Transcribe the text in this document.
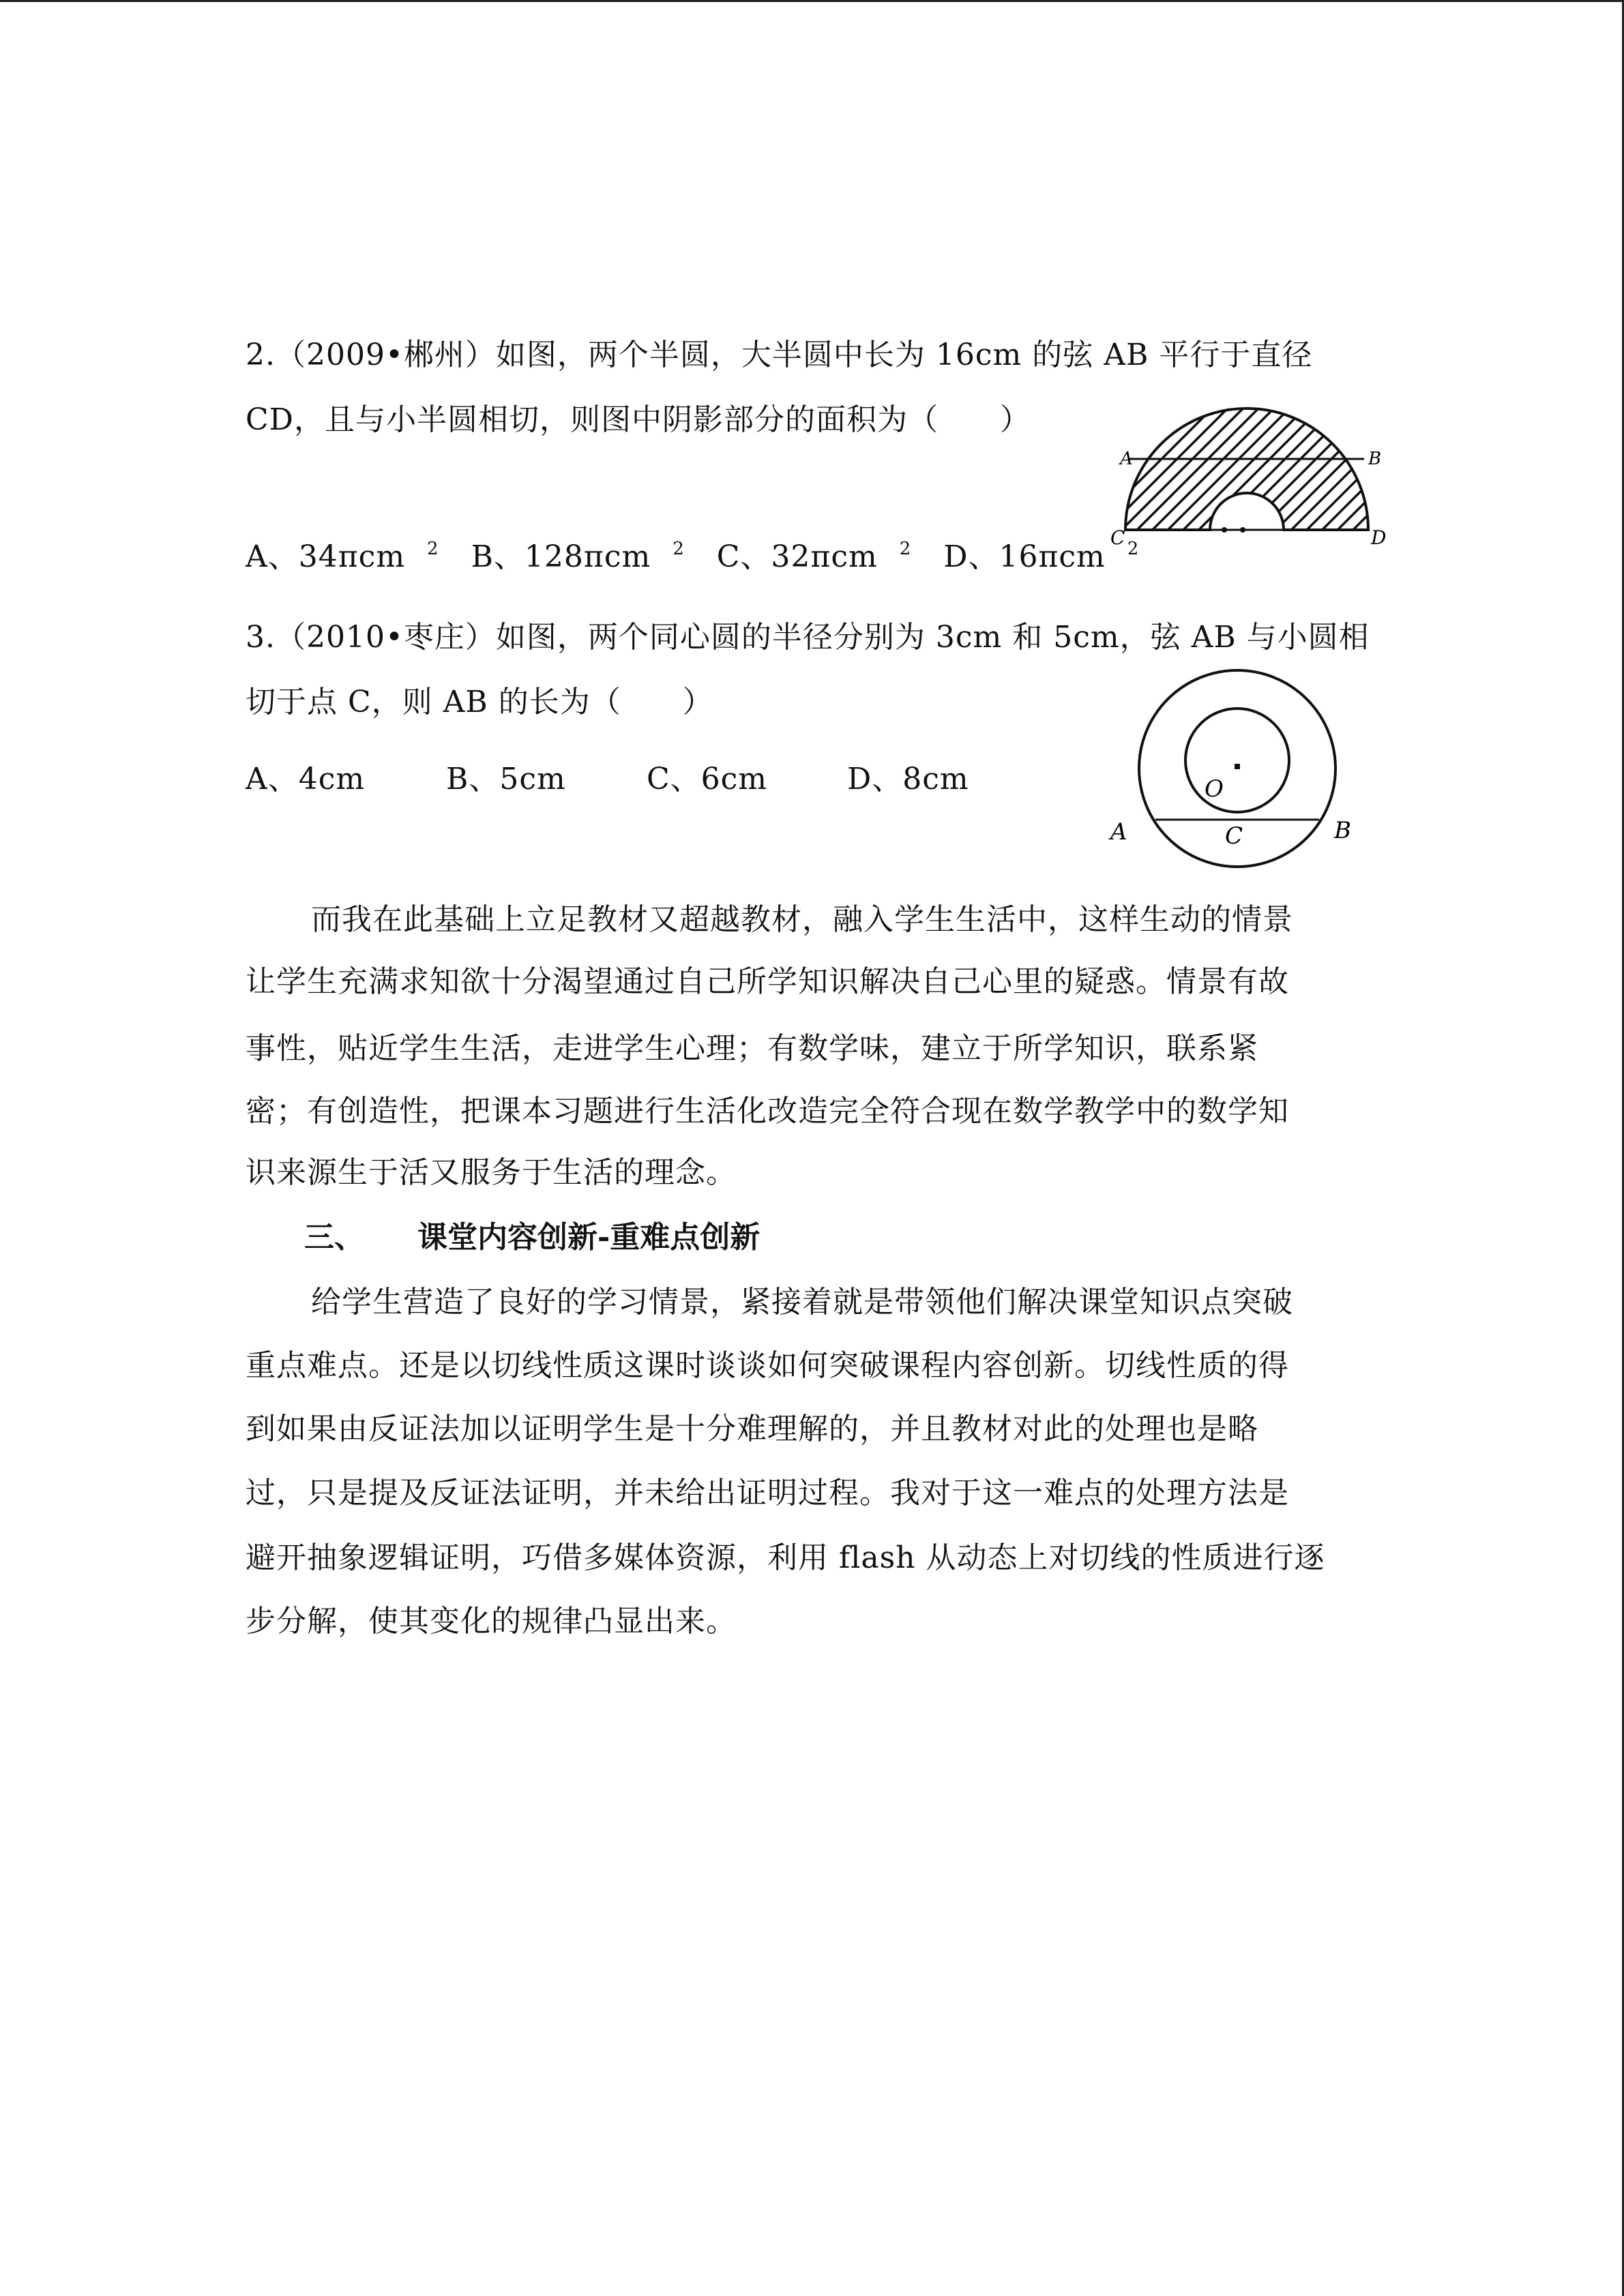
2.（2009•郴州）如图，两个半圆，大半圆中长为 16cm 的弦 AB 平行于直径
CD，且与小半圆相切，则图中阴影部分的面积为（　　）
A、34πcm $^2$ B、128πcm $^2$ C、32πcm $^2$ D、16πcm $^2$
A	B
C	D
3.（2010•枣庄）如图，两个同心圆的半径分别为 3cm 和 5cm，弦 AB 与小圆相
切于点 C，则 AB 的长为（　　）
A、4cm	B、5cm	C、6cm	D、8cm	O
A	C	B
而我在此基础上立足教材又超越教材，融入学生生活中，这样生动的情景
让学生充满求知欲十分渴望通过自己所学知识解决自己心里的疑惑。情景有故
事性，贴近学生生活，走进学生心理；有数学味，建立于所学知识，联系紧
密；有创造性，把课本习题进行生活化改造完全符合现在数学教学中的数学知
识来源生于活又服务于生活的理念。
三、 课堂内容创新-重难点创新
给学生营造了良好的学习情景，紧接着就是带领他们解决课堂知识点突破
重点难点。还是以切线性质这课时谈谈如何突破课程内容创新。切线性质的得
到如果由反证法加以证明学生是十分难理解的，并且教材对此的处理也是略
过，只是提及反证法证明，并未给出证明过程。我对于这一难点的处理方法是
避开抽象逻辑证明，巧借多媒体资源，利用 flash 从动态上对切线的性质进行逐
步分解，使其变化的规律凸显出来。
